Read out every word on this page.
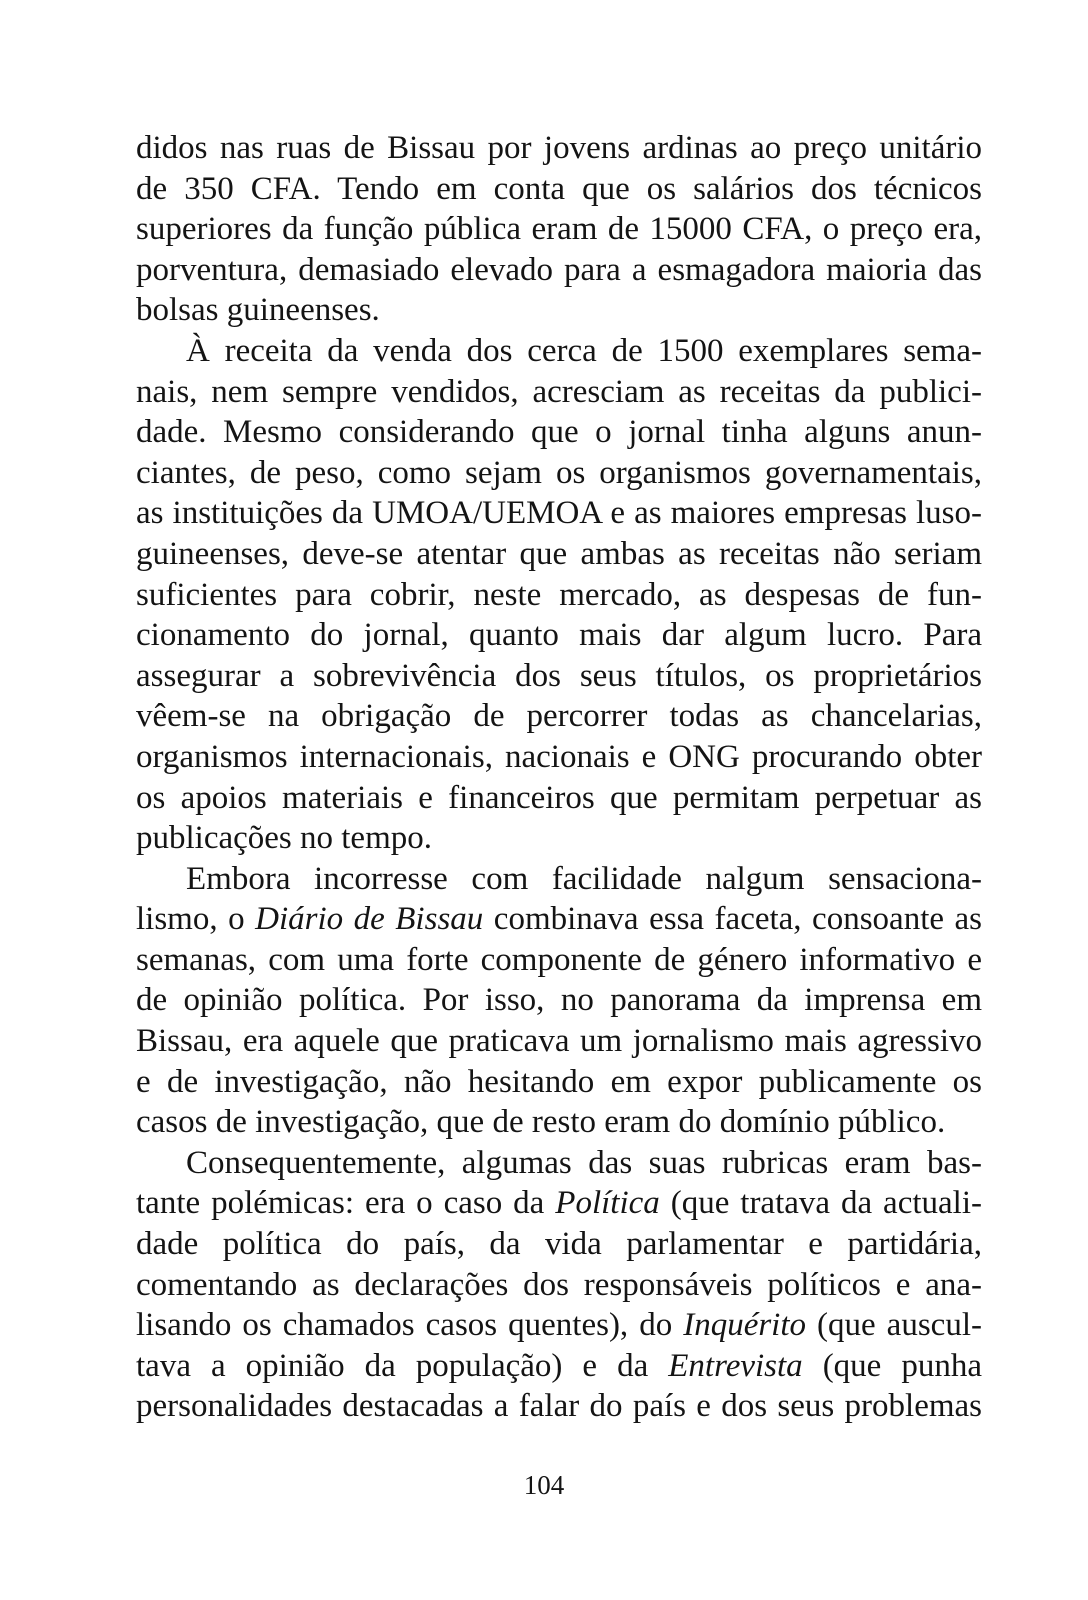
didos nas ruas de Bissau por jovens ardinas ao preço unitário
de 350 CFA. Tendo em conta que os salários dos técnicos
superiores da função pública eram de 15000 CFA, o preço era,
porventura, demasiado elevado para a esmagadora maioria das
bolsas guineenses.
À receita da venda dos cerca de 1500 exemplares sema-
nais, nem sempre vendidos, acresciam as receitas da publici-
dade. Mesmo considerando que o jornal tinha alguns anun-
ciantes, de peso, como sejam os organismos governamentais,
as instituições da UMOA/UEMOA e as maiores empresas luso-
guineenses, deve-se atentar que ambas as receitas não seriam
suficientes para cobrir, neste mercado, as despesas de fun-
cionamento do jornal, quanto mais dar algum lucro. Para
assegurar a sobrevivência dos seus títulos, os proprietários
vêem-se na obrigação de percorrer todas as chancelarias,
organismos internacionais, nacionais e ONG procurando obter
os apoios materiais e financeiros que permitam perpetuar as
publicações no tempo.
Embora incorresse com facilidade nalgum sensaciona-
lismo, o Diário de Bissau combinava essa faceta, consoante as
semanas, com uma forte componente de género informativo e
de opinião política. Por isso, no panorama da imprensa em
Bissau, era aquele que praticava um jornalismo mais agressivo
e de investigação, não hesitando em expor publicamente os
casos de investigação, que de resto eram do domínio público.
Consequentemente, algumas das suas rubricas eram bas-
tante polémicas: era o caso da Política (que tratava da actuali-
dade política do país, da vida parlamentar e partidária,
comentando as declarações dos responsáveis políticos e ana-
lisando os chamados casos quentes), do Inquérito (que auscul-
tava a opinião da população) e da Entrevista (que punha
personalidades destacadas a falar do país e dos seus problemas
104
